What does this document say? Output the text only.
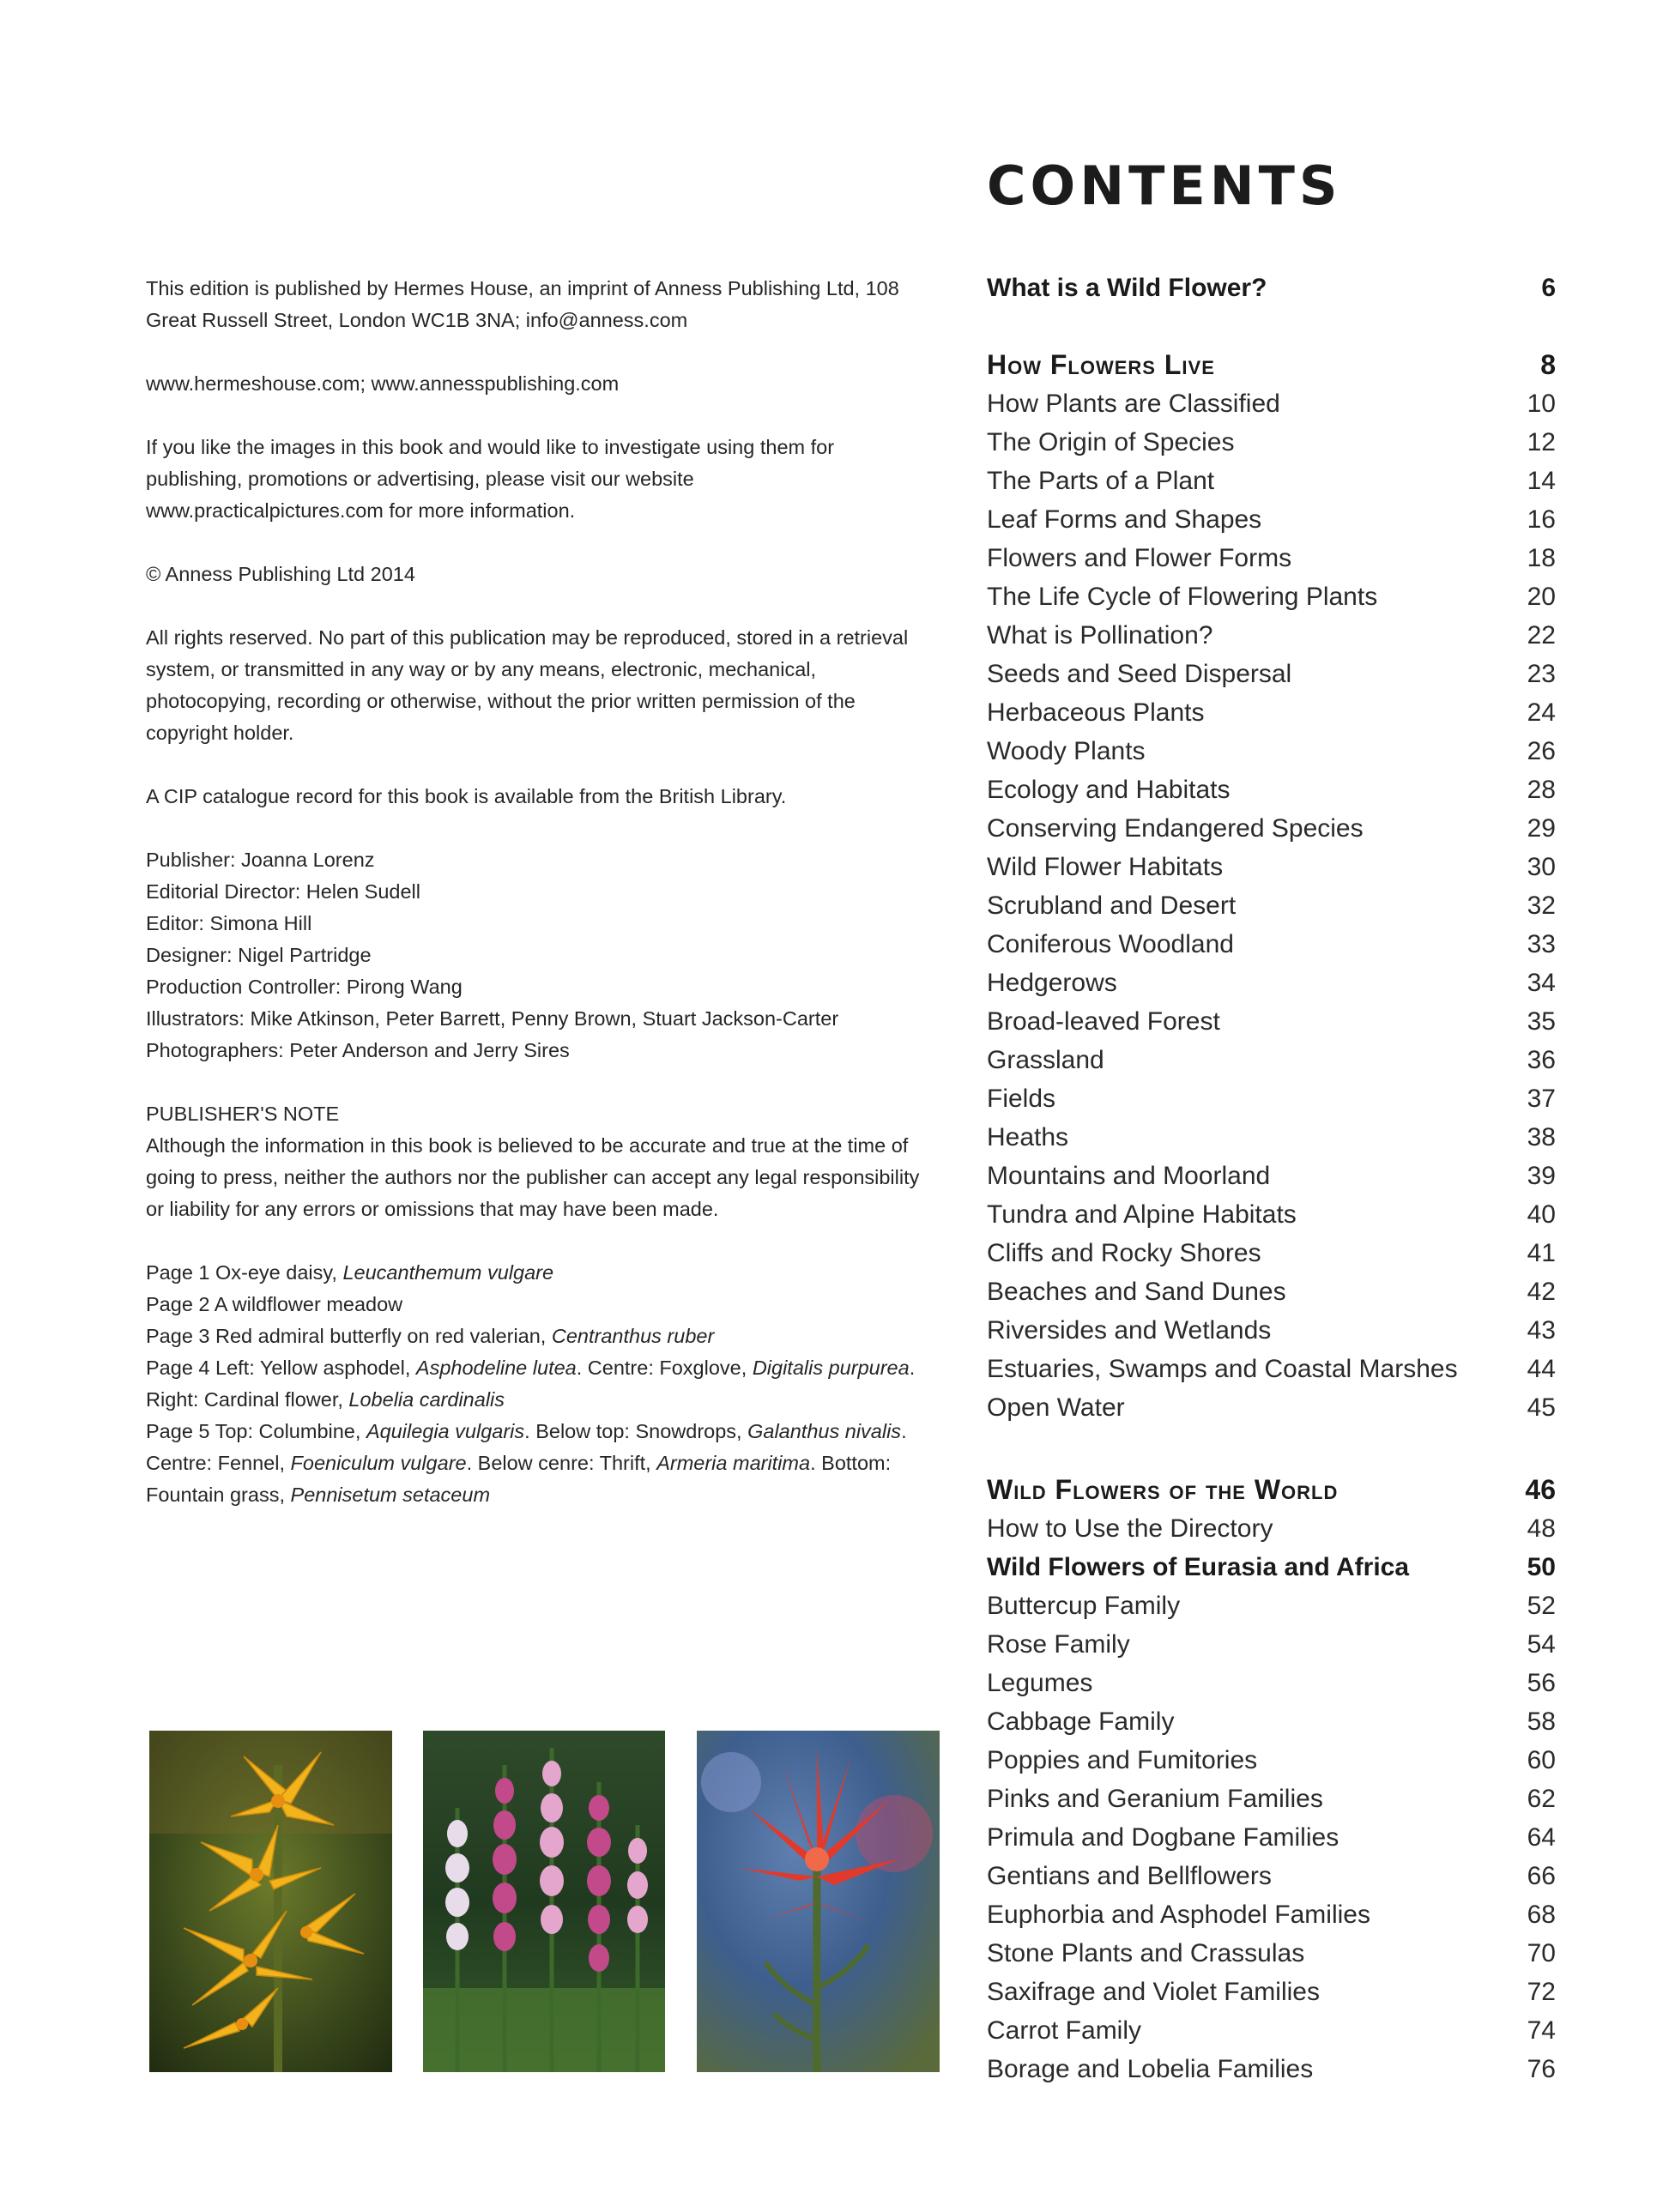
This edition is published by Hermes House, an imprint of Anness Publishing Ltd, 108 Great Russell Street, London WC1B 3NA; info@anness.com

www.hermeshouse.com; www.annesspublishing.com

If you like the images in this book and would like to investigate using them for publishing, promotions or advertising, please visit our website www.practicalpictures.com for more information.

© Anness Publishing Ltd 2014

All rights reserved. No part of this publication may be reproduced, stored in a retrieval system, or transmitted in any way or by any means, electronic, mechanical, photocopying, recording or otherwise, without the prior written permission of the copyright holder.

A CIP catalogue record for this book is available from the British Library.

Publisher: Joanna Lorenz
Editorial Director: Helen Sudell
Editor: Simona Hill
Designer: Nigel Partridge
Production Controller: Pirong Wang
Illustrators: Mike Atkinson, Peter Barrett, Penny Brown, Stuart Jackson-Carter
Photographers: Peter Anderson and Jerry Sires

PUBLISHER'S NOTE
Although the information in this book is believed to be accurate and true at the time of going to press, neither the authors nor the publisher can accept any legal responsibility or liability for any errors or omissions that may have been made.

Page 1 Ox-eye daisy, Leucanthemum vulgare
Page 2 A wildflower meadow
Page 3 Red admiral butterfly on red valerian, Centranthus ruber
Page 4 Left: Yellow asphodel, Asphodeline lutea. Centre: Foxglove, Digitalis purpurea. Right: Cardinal flower, Lobelia cardinalis
Page 5 Top: Columbine, Aquilegia vulgaris. Below top: Snowdrops, Galanthus nivalis. Centre: Fennel, Foeniculum vulgare. Below cenre: Thrift, Armeria maritima. Bottom: Fountain grass, Pennisetum setaceum

CONTENTS
What is a Wild Flower?	6
How Flowers Live	8
How Plants are Classified	10
The Origin of Species	12
The Parts of a Plant	14
Leaf Forms and Shapes	16
Flowers and Flower Forms	18
The Life Cycle of Flowering Plants	20
What is Pollination?	22
Seeds and Seed Dispersal	23
Herbaceous Plants	24
Woody Plants	26
Ecology and Habitats	28
Conserving Endangered Species	29
Wild Flower Habitats	30
Scrubland and Desert	32
Coniferous Woodland	33
Hedgerows	34
Broad-leaved Forest	35
Grassland	36
Fields	37
Heaths	38
Mountains and Moorland	39
Tundra and Alpine Habitats	40
Cliffs and Rocky Shores	41
Beaches and Sand Dunes	42
Riversides and Wetlands	43
Estuaries, Swamps and Coastal Marshes	44
Open Water	45
Wild Flowers of the World	46
How to Use the Directory	48
Wild Flowers of Eurasia and Africa	50
Buttercup Family	52
Rose Family	54
Legumes	56
Cabbage Family	58
Poppies and Fumitories	60
Pinks and Geranium Families	62
Primula and Dogbane Families	64
Gentians and Bellflowers	66
Euphorbia and Asphodel Families	68
Stone Plants and Crassulas	70
Saxifrage and Violet Families	72
Carrot Family	74
Borage and Lobelia Families	76
